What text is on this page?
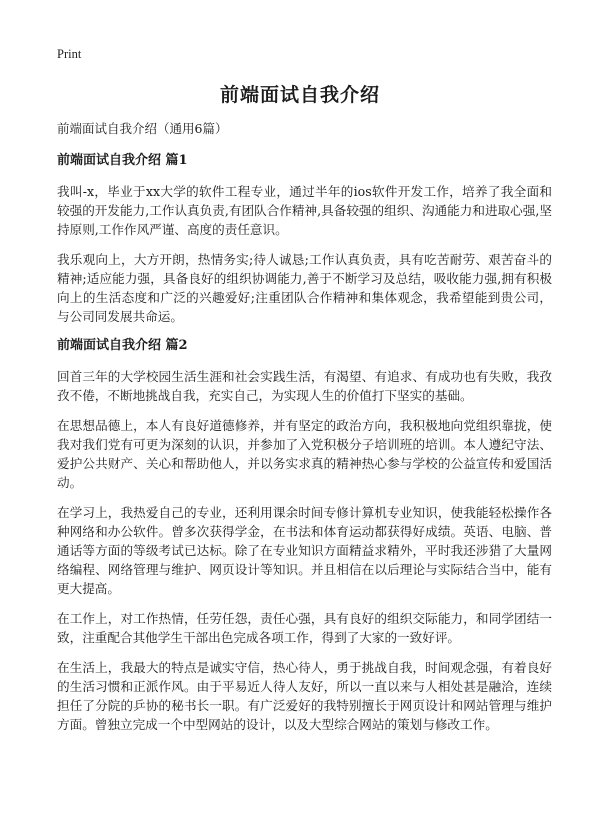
Print
前端面试自我介绍

前端面试自我介绍（通用6篇）

前端面试自我介绍 篇1

我叫-x，毕业于xx大学的软件工程专业，通过半年的ios软件开发工作，培养了我全面和较强的开发能力,工作认真负责,有团队合作精神,具备较强的组织、沟通能力和进取心强,坚持原则,工作作风严谨、高度的责任意识。

我乐观向上，大方开朗，热情务实;待人诚恳;工作认真负责，具有吃苦耐劳、艰苦奋斗的精神;适应能力强，具备良好的组织协调能力,善于不断学习及总结，吸收能力强,拥有积极向上的生活态度和广泛的兴趣爱好;注重团队合作精神和集体观念，我希望能到贵公司，与公司同发展共命运。

前端面试自我介绍 篇2

回首三年的大学校园生活生涯和社会实践生活，有渴望、有追求、有成功也有失败，我孜孜不倦，不断地挑战自我，充实自己，为实现人生的价值打下坚实的基础。

在思想品德上，本人有良好道德修养，并有坚定的政治方向，我积极地向党组织靠拢，使我对我们党有可更为深刻的认识，并参加了入党积极分子培训班的培训。本人遵纪守法、爱护公共财产、关心和帮助他人，并以务实求真的精神热心参与学校的公益宣传和爱国活动。

在学习上，我热爱自己的专业，还利用课余时间专修计算机专业知识，使我能轻松操作各种网络和办公软件。曾多次获得学金，在书法和体育运动都获得好成绩。英语、电脑、普通话等方面的等级考试已达标。除了在专业知识方面精益求精外，平时我还涉猎了大量网络编程、网络管理与维护、网页设计等知识。并且相信在以后理论与实际结合当中，能有更大提高。

在工作上，对工作热情，任劳任怨，责任心强，具有良好的组织交际能力，和同学团结一致，注重配合其他学生干部出色完成各项工作，得到了大家的一致好评。

在生活上，我最大的特点是诚实守信，热心待人，勇于挑战自我，时间观念强，有着良好的生活习惯和正派作风。由于平易近人待人友好，所以一直以来与人相处甚是融洽，连续担任了分院的乒协的秘书长一职。有广泛爱好的我特别擅长于网页设计和网站管理与维护方面。曾独立完成一个中型网站的设计，以及大型综合网站的策划与修改工作。
